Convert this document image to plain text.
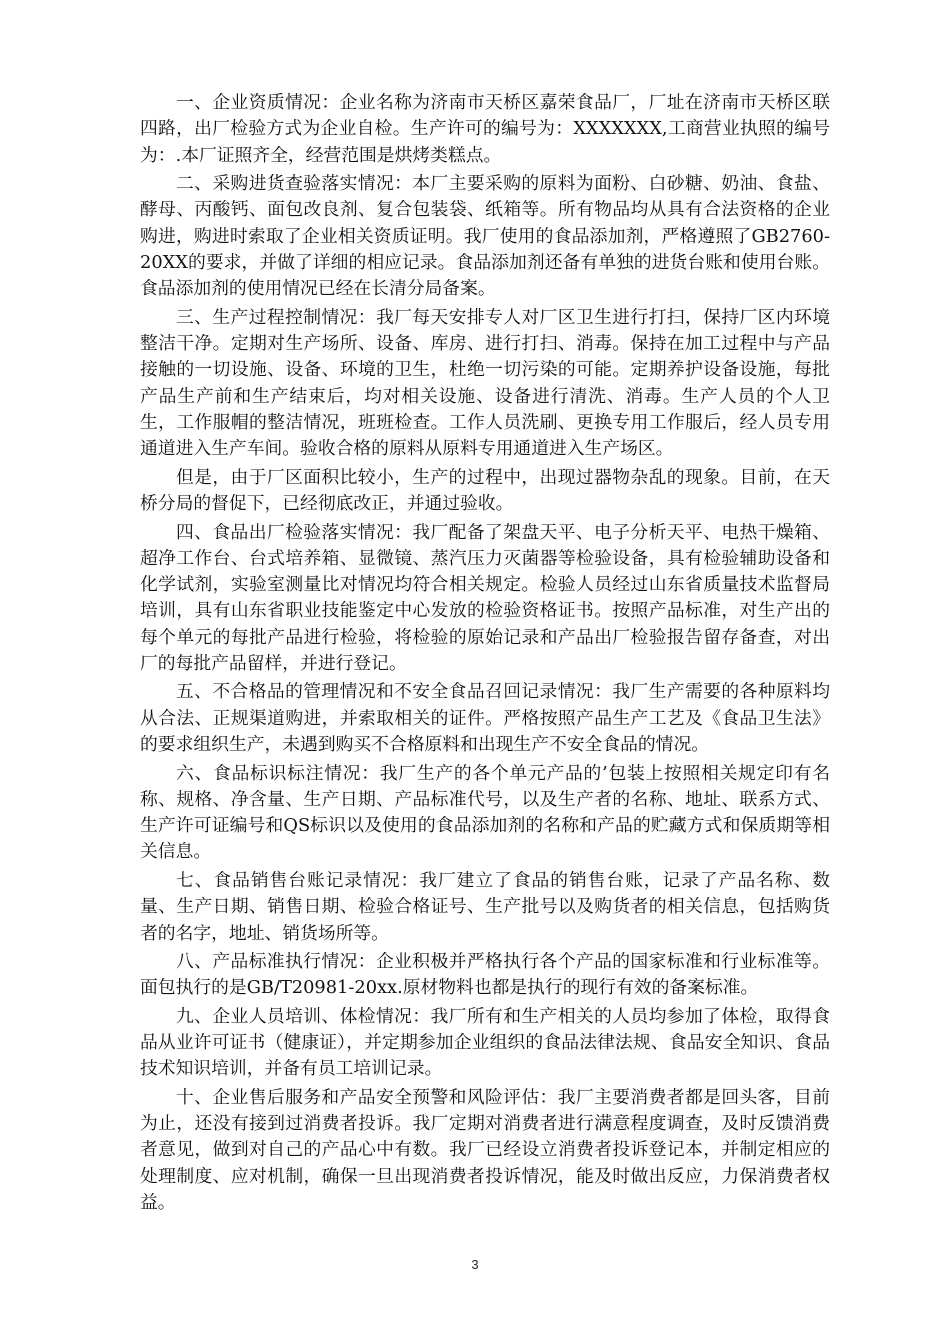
一、企业资质情况：企业名称为济南市天桥区嘉荣食品厂，厂址在济南市天桥区联四路，出厂检验方式为企业自检。生产许可的编号为：XXXXXXX,工商营业执照的编号为：.本厂证照齐全，经营范围是烘烤类糕点。

二、采购进货查验落实情况：本厂主要采购的原料为面粉、白砂糖、奶油、食盐、酵母、丙酸钙、面包改良剂、复合包装袋、纸箱等。所有物品均从具有合法资格的企业购进，购进时索取了企业相关资质证明。我厂使用的食品添加剂，严格遵照了GB2760-20XX的要求，并做了详细的相应记录。食品添加剂还备有单独的进货台账和使用台账。食品添加剂的使用情况已经在长清分局备案。

三、生产过程控制情况：我厂每天安排专人对厂区卫生进行打扫，保持厂区内环境整洁干净。定期对生产场所、设备、库房、进行打扫、消毒。保持在加工过程中与产品接触的一切设施、设备、环境的卫生，杜绝一切污染的可能。定期养护设备设施，每批产品生产前和生产结束后，均对相关设施、设备进行清洗、消毒。生产人员的个人卫生，工作服帽的整洁情况，班班检查。工作人员洗刷、更换专用工作服后，经人员专用通道进入生产车间。验收合格的原料从原料专用通道进入生产场区。

但是，由于厂区面积比较小，生产的过程中，出现过器物杂乱的现象。目前，在天桥分局的督促下，已经彻底改正，并通过验收。

四、食品出厂检验落实情况：我厂配备了架盘天平、电子分析天平、电热干燥箱、超净工作台、台式培养箱、显微镜、蒸汽压力灭菌器等检验设备，具有检验辅助设备和化学试剂，实验室测量比对情况均符合相关规定。检验人员经过山东省质量技术监督局培训，具有山东省职业技能鉴定中心发放的检验资格证书。按照产品标准，对生产出的每个单元的每批产品进行检验，将检验的原始记录和产品出厂检验报告留存备查，对出厂的每批产品留样，并进行登记。

五、不合格品的管理情况和不安全食品召回记录情况：我厂生产需要的各种原料均从合法、正规渠道购进，并索取相关的证件。严格按照产品生产工艺及《食品卫生法》的要求组织生产，未遇到购买不合格原料和出现生产不安全食品的情况。

六、食品标识标注情况：我厂生产的各个单元产品的’包装上按照相关规定印有名称、规格、净含量、生产日期、产品标准代号，以及生产者的名称、地址、联系方式、生产许可证编号和QS标识以及使用的食品添加剂的名称和产品的贮藏方式和保质期等相关信息。

七、食品销售台账记录情况：我厂建立了食品的销售台账，记录了产品名称、数量、生产日期、销售日期、检验合格证号、生产批号以及购货者的相关信息，包括购货者的名字，地址、销货场所等。

八、产品标准执行情况：企业积极并严格执行各个产品的国家标准和行业标准等。面包执行的是GB/T20981-20xx.原材物料也都是执行的现行有效的备案标准。

九、企业人员培训、体检情况：我厂所有和生产相关的人员均参加了体检，取得食品从业许可证书（健康证），并定期参加企业组织的食品法律法规、食品安全知识、食品技术知识培训，并备有员工培训记录。

十、企业售后服务和产品安全预警和风险评估：我厂主要消费者都是回头客，目前为止，还没有接到过消费者投诉。我厂定期对消费者进行满意程度调查，及时反馈消费者意见，做到对自己的产品心中有数。我厂已经设立消费者投诉登记本，并制定相应的处理制度、应对机制，确保一旦出现消费者投诉情况，能及时做出反应，力保消费者权益。

3
